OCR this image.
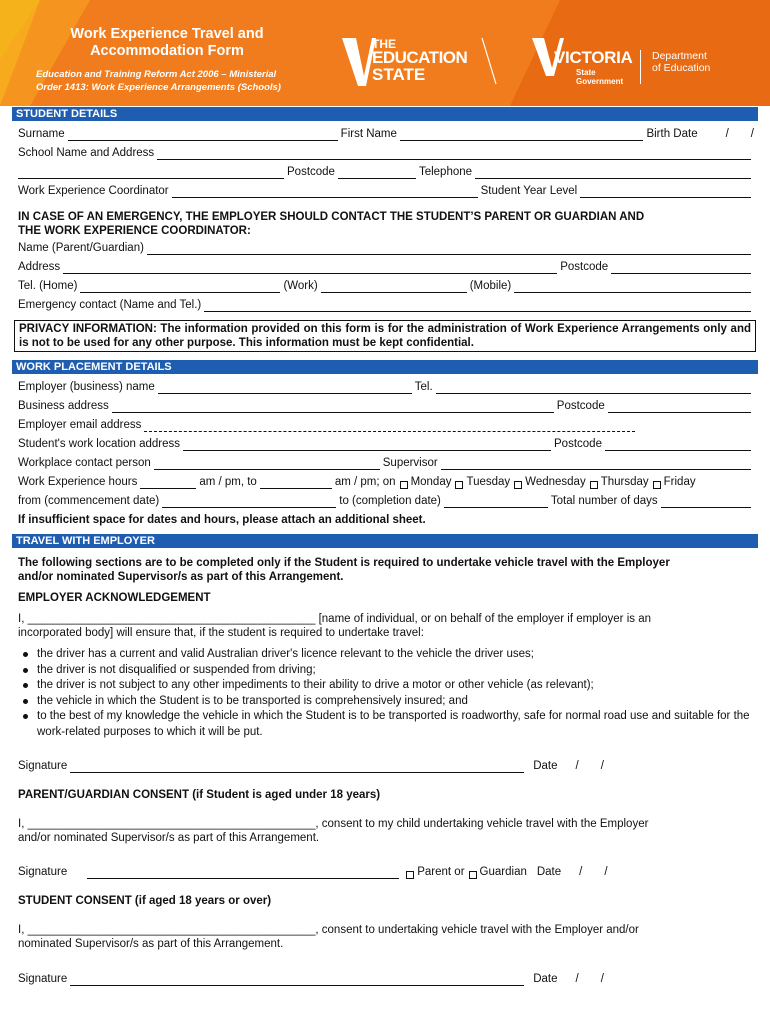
Work Experience Travel and
Accommodation Form
Education and Training Reform Act 2006 – Ministerial
Order 1413: Work Experience Arrangements (Schools)
THE
EDUCATION
STATE
VICTORIA
State
Government
Department
of Education
STUDENT DETAILS
Surname	First Name	Birth Date / /
School Name and Address
Postcode	Telephone
Work Experience Coordinator	Student Year Level
IN CASE OF AN EMERGENCY, THE EMPLOYER SHOULD CONTACT THE STUDENT’S PARENT OR GUARDIAN AND
THE WORK EXPERIENCE COORDINATOR:
Name (Parent/Guardian)
Address	Postcode
Tel. (Home)	(Work)	(Mobile)
Emergency contact (Name and Tel.)
PRIVACY INFORMATION: The information provided on this form is for the administration of Work Experience Arrangements only and is not to be used for any other purpose. This information must be kept confidential.
WORK PLACEMENT DETAILS
Employer (business) name	Tel.
Business address	Postcode
Employer email address
Student's work location address	Postcode
Workplace contact person	Supervisor
Work Experience hours	am / pm, to	am / pm; on Monday Tuesday Wednesday Thursday Friday
from (commencement date)	to (completion date)	Total number of days
If insufficient space for dates and hours, please attach an additional sheet.
TRAVEL WITH EMPLOYER
The following sections are to be completed only if the Student is required to undertake vehicle travel with the Employer
and/or nominated Supervisor/s as part of this Arrangement.
EMPLOYER ACKNOWLEDGEMENT
I, _____________________________________________ [name of individual, or on behalf of the employer if employer is an
incorporated body] will ensure that, if the student is required to undertake travel:
the driver has a current and valid Australian driver's licence relevant to the vehicle the driver uses;
the driver is not disqualified or suspended from driving;
the driver is not subject to any other impediments to their ability to drive a motor or other vehicle (as relevant);
the vehicle in which the Student is to be transported is comprehensively insured; and
to the best of my knowledge the vehicle in which the Student is to be transported is roadworthy, safe for normal road use and suitable for the work-related purposes to which it will be put.
Signature	Date / /
PARENT/GUARDIAN CONSENT (if Student is aged under 18 years)
I, _____________________________________________, consent to my child undertaking vehicle travel with the Employer
and/or nominated Supervisor/s as part of this Arrangement.
Signature	Parent or Guardian Date / /
STUDENT CONSENT (if aged 18 years or over)
I, _____________________________________________, consent to undertaking vehicle travel with the Employer and/or
nominated Supervisor/s as part of this Arrangement.
Signature	Date / /
